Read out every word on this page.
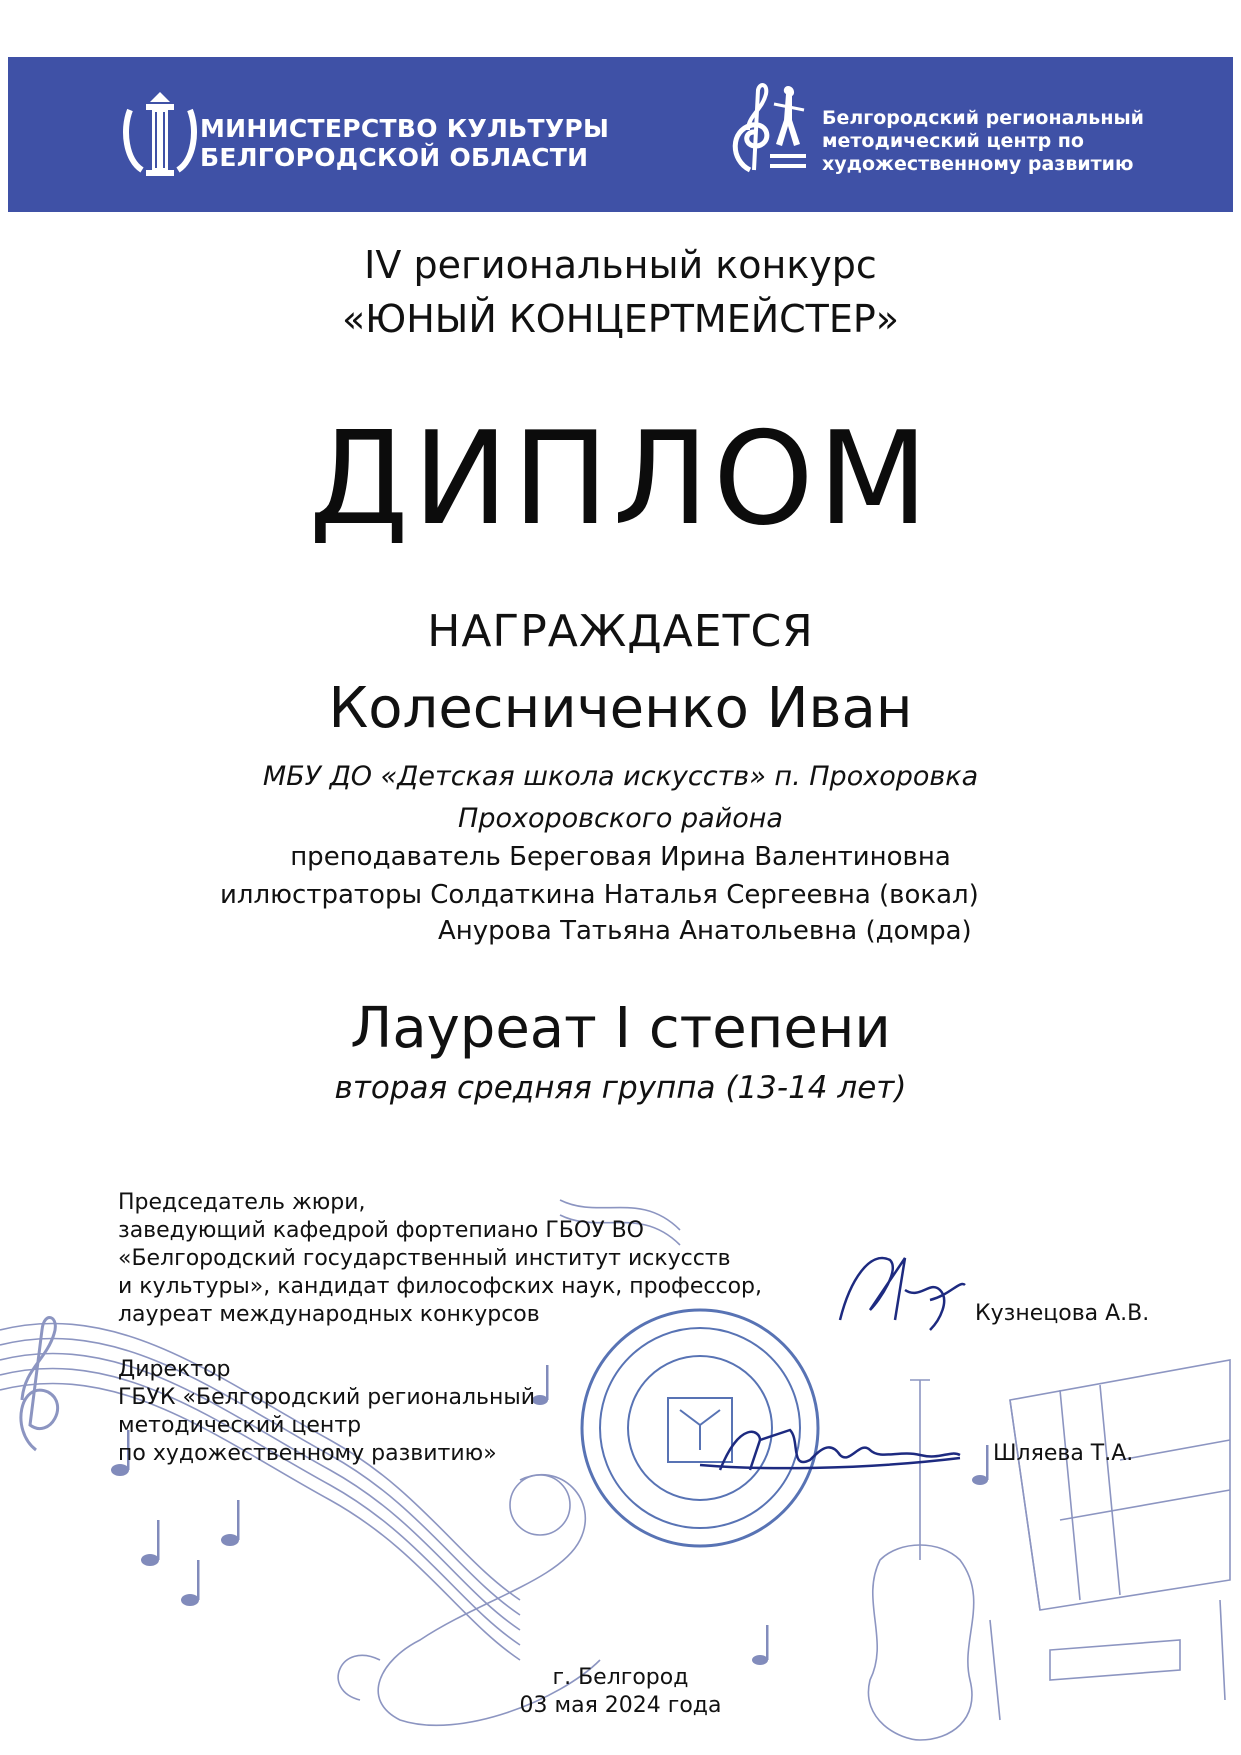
МИНИСТЕРСТВО КУЛЬТУРЫ
БЕЛГОРОДСКОЙ ОБЛАСТИ
Белгородский региональный
методический центр по
художественному развитию
IV региональный конкурс
«ЮНЫЙ КОНЦЕРТМЕЙСТЕР»
ДИПЛОМ
НАГРАЖДАЕТСЯ
Колесниченко Иван
МБУ ДО «Детская школа искусств» п. Прохоровка
Прохоровского района
преподаватель Береговая Ирина Валентиновна
иллюстраторы Солдаткина Наталья Сергеевна (вокал)
Анурова Татьяна Анатольевна (домра)
Лауреат I степени
вторая средняя группа (13-14 лет)
Председатель жюри,
заведующий кафедрой фортепиано ГБОУ ВО
«Белгородский государственный институт искусств
и культуры», кандидат философских наук, профессор,
лауреат международных конкурсов	Кузнецова А.В.
Директор
ГБУК «Белгородский региональный
методический центр
по художественному развитию»	Шляева Т.А.
г. Белгород
03 мая 2024 года
